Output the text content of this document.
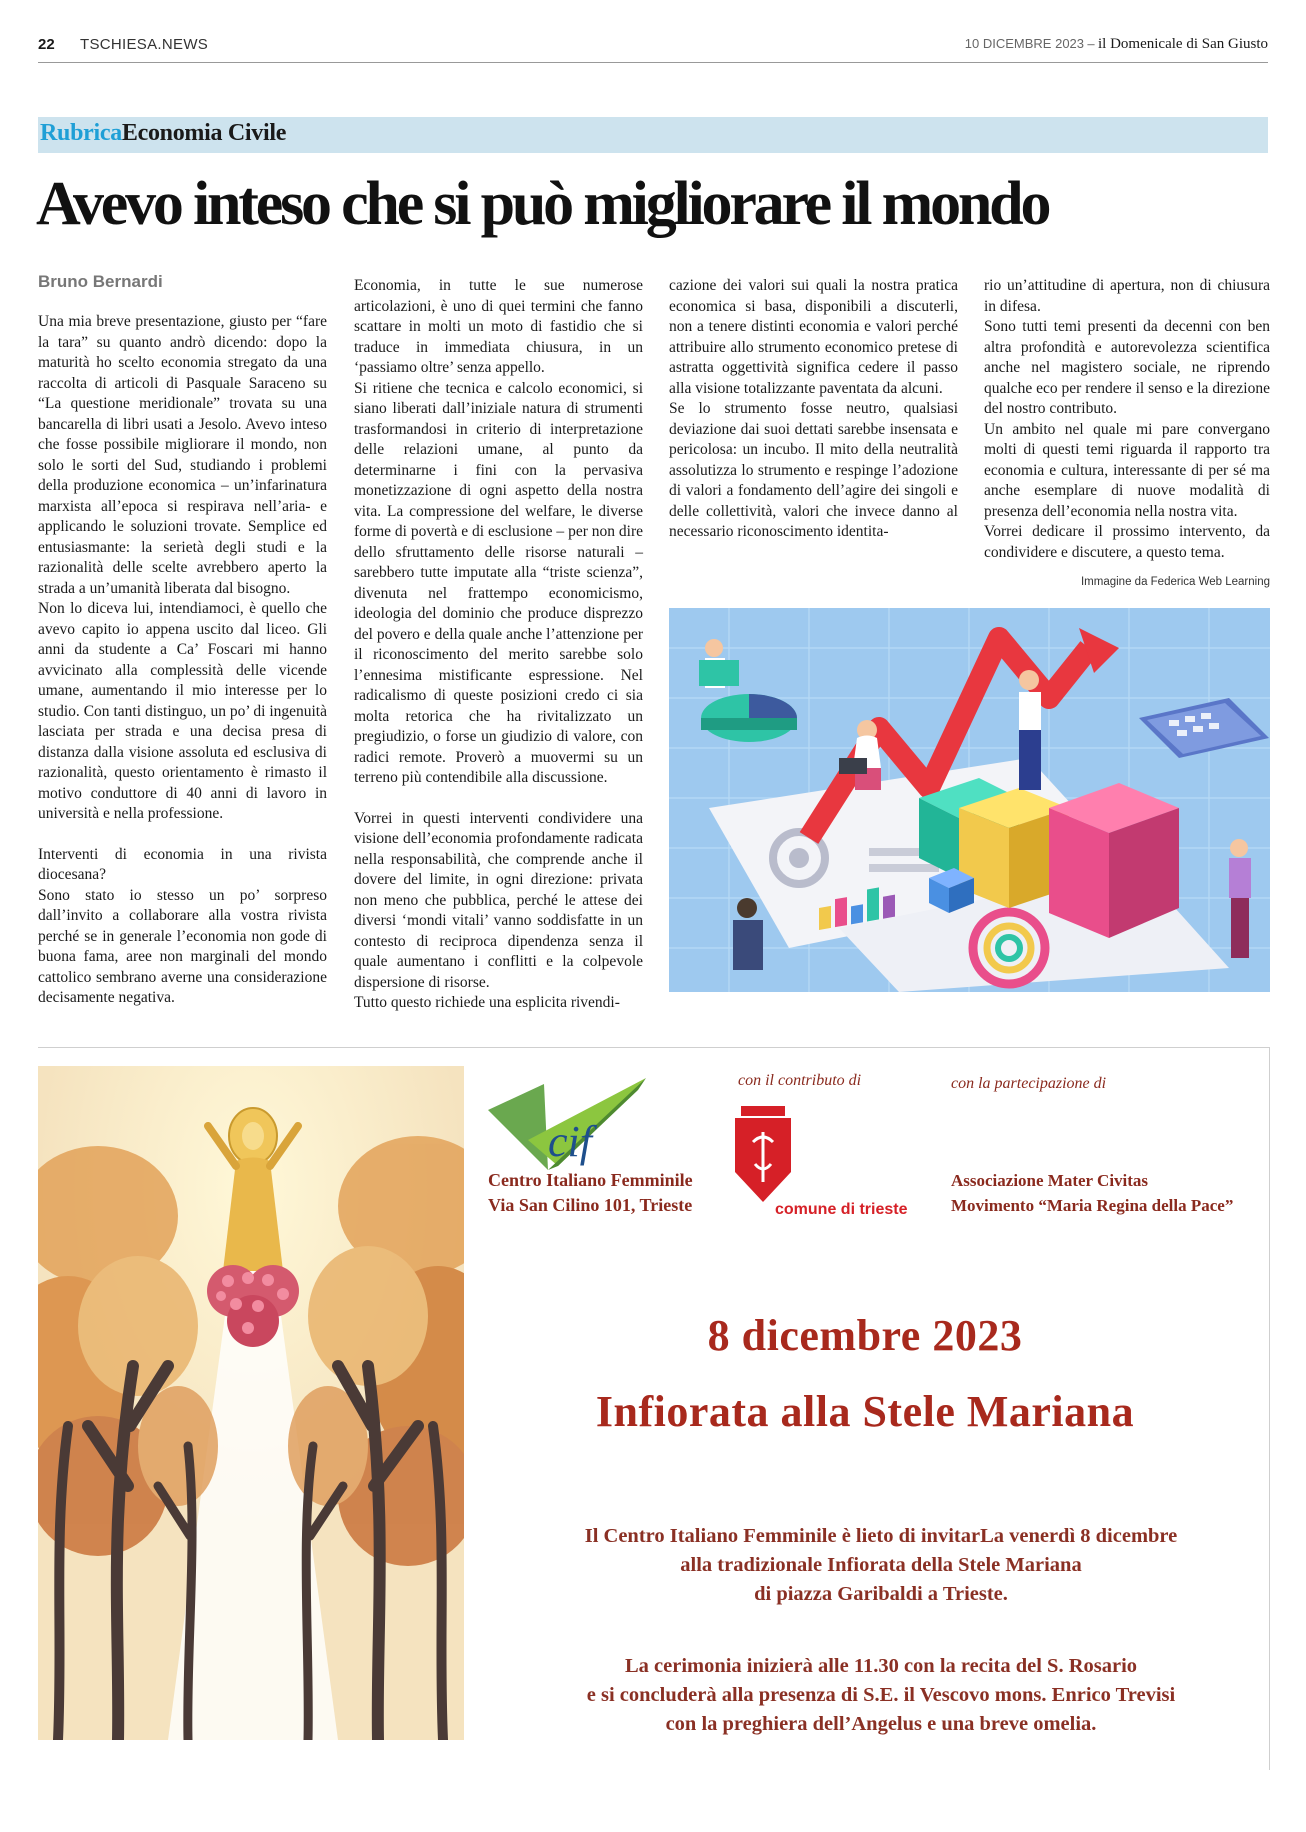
22 TSCHIESA.NEWS	10 DICEMBRE 2023 – il Domenicale di San Giusto
RubricaEconomia Civile
Avevo inteso che si può migliorare il mondo
Bruno Bernardi

Una mia breve presentazione, giusto per “fare la tara” su quanto andrò dicendo: dopo la maturità ho scelto economia stregato da una raccolta di articoli di Pasquale Saraceno su “La questione meridionale” trovata su una bancarella di libri usati a Jesolo. Avevo inteso che fosse possibile migliorare il mondo, non solo le sorti del Sud, studiando i problemi della produzione economica – un’infarinatura marxista all’epoca si respirava nell’aria- e applicando le soluzioni trovate. Semplice ed entusiasmante: la serietà degli studi e la razionalità delle scelte avrebbero aperto la strada a un’umanità liberata dal bisogno.

Non lo diceva lui, intendiamoci, è quello che avevo capito io appena uscito dal liceo. Gli anni da studente a Ca’ Foscari mi hanno avvicinato alla complessità delle vicende umane, aumentando il mio interesse per lo studio. Con tanti distinguo, un po’ di ingenuità lasciata per strada e una decisa presa di distanza dalla visione assoluta ed esclusiva di razionalità, questo orientamento è rimasto il motivo conduttore di 40 anni di lavoro in università e nella professione.

Interventi di economia in una rivista diocesana?

Sono stato io stesso un po’ sorpreso dall’invito a collaborare alla vostra rivista perché se in generale l’economia non gode di buona fama, aree non marginali del mondo cattolico sembrano averne una considerazione decisamente negativa.

Economia, in tutte le sue numerose articolazioni, è uno di quei termini che fanno scattare in molti un moto di fastidio che si traduce in immediata chiusura, in un ‘passiamo oltre’ senza appello.

Si ritiene che tecnica e calcolo economici, si siano liberati dall’iniziale natura di strumenti trasformandosi in criterio di interpretazione delle relazioni umane, al punto da determinarne i fini con la pervasiva monetizzazione di ogni aspetto della nostra vita. La compressione del welfare, le diverse forme di povertà e di esclusione – per non dire dello sfruttamento delle risorse naturali – sarebbero tutte imputate alla “triste scienza”, divenuta nel frattempo economicismo, ideologia del dominio che produce disprezzo del povero e della quale anche l’attenzione per il riconoscimento del merito sarebbe solo l’ennesima mistificante espressione. Nel radicalismo di queste posizioni credo ci sia molta retorica che ha rivitalizzato un pregiudizio, o forse un giudizio di valore, con radici remote. Proverò a muovermi su un terreno più contendibile alla discussione.

Vorrei in questi interventi condividere una visione dell’economia profondamente radicata nella responsabilità, che comprende anche il dovere del limite, in ogni direzione: privata non meno che pubblica, perché le attese dei diversi ‘mondi vitali’ vanno soddisfatte in un contesto di reciproca dipendenza senza il quale aumentano i conflitti e la colpevole dispersione di risorse.

Tutto questo richiede una esplicita rivendi-

cazione dei valori sui quali la nostra pratica economica si basa, disponibili a discuterli, non a tenere distinti economia e valori perché attribuire allo strumento economico pretese di astratta oggettività significa cedere il passo alla visione totalizzante paventata da alcuni.

Se lo strumento fosse neutro, qualsiasi deviazione dai suoi dettati sarebbe insensata e pericolosa: un incubo. Il mito della neutralità assolutizza lo strumento e respinge l’adozione di valori a fondamento dell’agire dei singoli e delle collettività, valori che invece danno al necessario riconoscimento identita-

rio un’attitudine di apertura, non di chiusura in difesa.

Sono tutti temi presenti da decenni con ben altra profondità e autorevolezza scientifica anche nel magistero sociale, ne riprendo qualche eco per rendere il senso e la direzione del nostro contributo.

Un ambito nel quale mi pare convergano molti di questi temi riguarda il rapporto tra economia e cultura, interessante di per sé ma anche esemplare di nuove modalità di presenza dell’economia nella nostra vita.

Vorrei dedicare il prossimo intervento, da condividere e discutere, a questo tema.

Immagine da Federica Web Learning
cif
con il contributo di	con la partecipazione di
comune di trieste
Centro Italiano Femminile
Via San Cilino 101, Trieste
Associazione Mater Civitas
Movimento “Maria Regina della Pace”
8 dicembre 2023
Infiorata alla Stele Mariana
Il Centro Italiano Femminile è lieto di invitarLa venerdì 8 dicembre
alla tradizionale Infiorata della Stele Mariana
di piazza Garibaldi a Trieste.
La cerimonia inizierà alle 11.30 con la recita del S. Rosario
e si concluderà alla presenza di S.E. il Vescovo mons. Enrico Trevisi
con la preghiera dell’Angelus e una breve omelia.
